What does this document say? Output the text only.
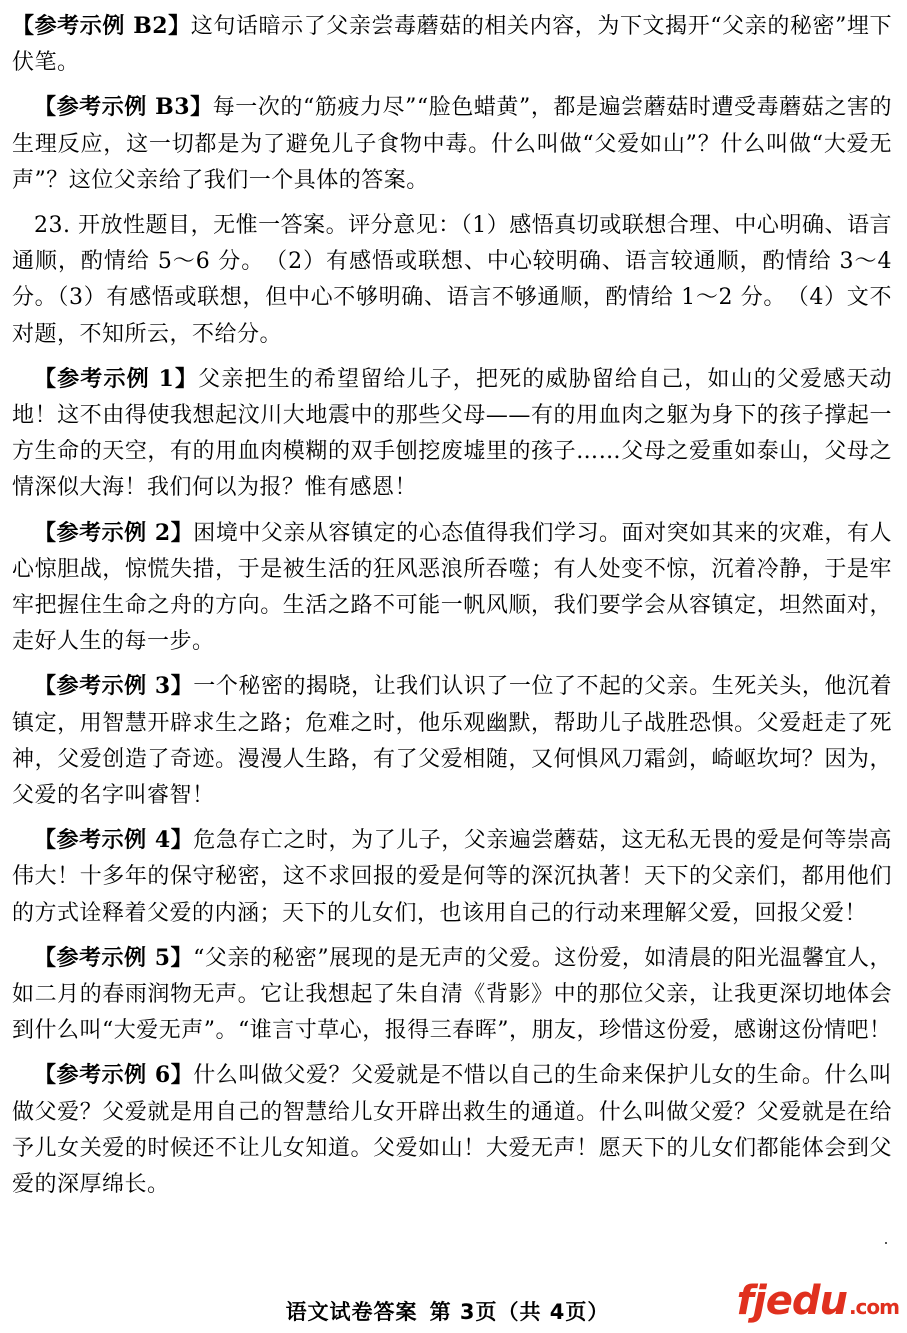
【参考示例 B2】这句话暗示了父亲尝毒蘑菇的相关内容，为下文揭开“父亲的秘密”埋下伏笔。

【参考示例 B3】每一次的“筋疲力尽”“脸色蜡黄”，都是遍尝蘑菇时遭受毒蘑菇之害的生理反应，这一切都是为了避免儿子食物中毒。什么叫做“父爱如山”？什么叫做“大爱无声”？这位父亲给了我们一个具体的答案。

23. 开放性题目，无惟一答案。评分意见：（1）感悟真切或联想合理、中心明确、语言通顺，酌情给 5～6 分。　（2）有感悟或联想、中心较明确、语言较通顺，酌情给 3～4 分。（3）有感悟或联想，但中心不够明确、语言不够通顺，酌情给 1～2 分。　（4）文不对题，不知所云，不给分。

【参考示例 1】父亲把生的希望留给儿子，把死的威胁留给自己，如山的父爱感天动地！这不由得使我想起汶川大地震中的那些父母——有的用血肉之躯为身下的孩子撑起一方生命的天空，有的用血肉模糊的双手刨挖废墟里的孩子……父母之爱重如泰山，父母之情深似大海！我们何以为报？惟有感恩！

【参考示例 2】困境中父亲从容镇定的心态值得我们学习。面对突如其来的灾难，有人心惊胆战，惊慌失措，于是被生活的狂风恶浪所吞噬；有人处变不惊，沉着冷静，于是牢牢把握住生命之舟的方向。生活之路不可能一帆风顺，我们要学会从容镇定，坦然面对，走好人生的每一步。

【参考示例 3】一个秘密的揭晓，让我们认识了一位了不起的父亲。生死关头，他沉着镇定，用智慧开辟求生之路；危难之时，他乐观幽默，帮助儿子战胜恐惧。父爱赶走了死神，父爱创造了奇迹。漫漫人生路，有了父爱相随，又何惧风刀霜剑，崎岖坎坷？因为，父爱的名字叫睿智！

【参考示例 4】危急存亡之时，为了儿子，父亲遍尝蘑菇，这无私无畏的爱是何等崇高伟大！十多年的保守秘密，这不求回报的爱是何等的深沉执著！天下的父亲们，都用他们的方式诠释着父爱的内涵；天下的儿女们，也该用自己的行动来理解父爱，回报父爱！

【参考示例 5】“父亲的秘密”展现的是无声的父爱。这份爱，如清晨的阳光温馨宜人，如二月的春雨润物无声。它让我想起了朱自清《背影》中的那位父亲，让我更深切地体会到什么叫“大爱无声”。“谁言寸草心，报得三春晖”，朋友，珍惜这份爱，感谢这份情吧！

【参考示例 6】什么叫做父爱？父爱就是不惜以自己的生命来保护儿女的生命。什么叫做父爱？父爱就是用自己的智慧给儿女开辟出救生的通道。什么叫做父爱？父爱就是在给予儿女关爱的时候还不让儿女知道。父爱如山！大爱无声！愿天下的儿女们都能体会到父爱的深厚绵长。

语文试卷答案 第 3页（共 4页）	fjedu .com
